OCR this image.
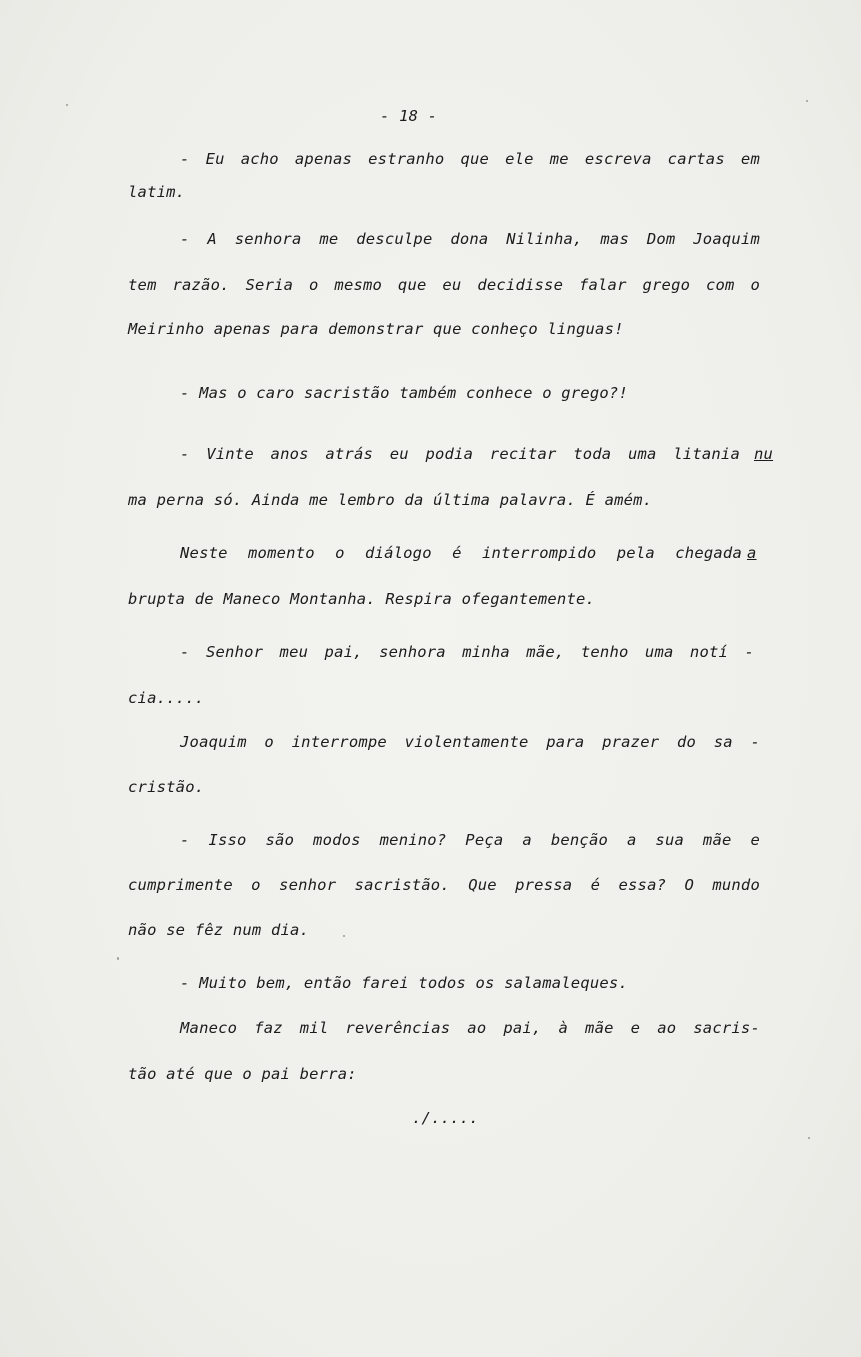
- 18 -
- Eu acho apenas estranho que ele me escreva cartas em
latim.
- A senhora me desculpe dona Nilinha, mas Dom Joaquim
tem razão. Seria o mesmo que eu decidisse falar grego com o
Meirinho apenas para demonstrar que conheço linguas!
- Mas o caro sacristão também conhece o grego?!
- Vinte anos atrás eu podia recitar toda uma litania nu
ma perna só. Ainda me lembro da última palavra. É amém.
Neste momento o diálogo é interrompido pela chegada a
brupta de Maneco Montanha. Respira ofegantemente.
- Senhor meu pai, senhora minha mãe, tenho uma notí -
cia.....
Joaquim o interrompe violentamente para prazer do sa -
cristão.
- Isso são modos menino? Peça a benção a sua mãe e
cumprimente o senhor sacristão. Que pressa é essa? O mundo
não se fêz num dia.
- Muito bem, então farei todos os salamaleques.
Maneco faz mil reverências ao pai, à mãe e ao sacris-
tão até que o pai berra:
./.....
